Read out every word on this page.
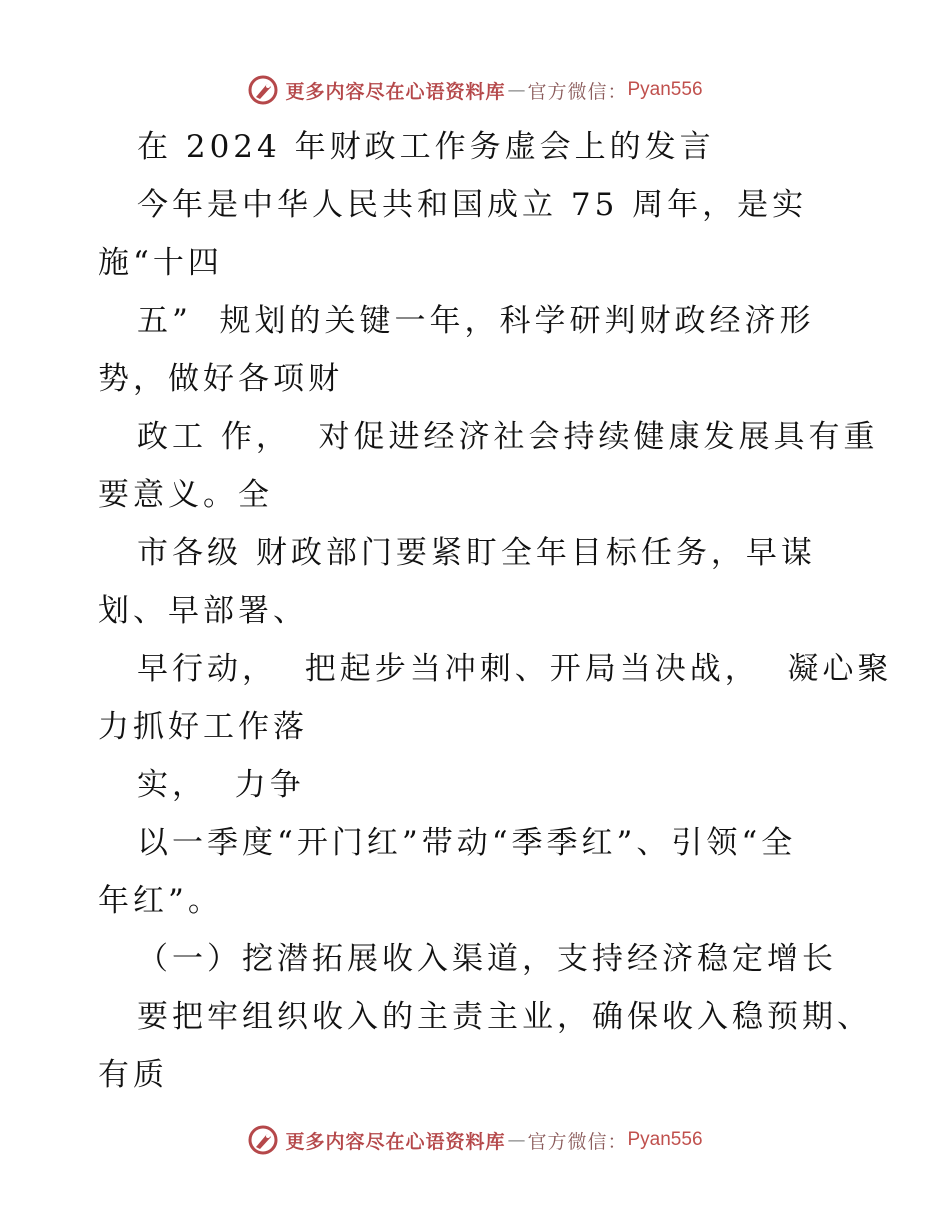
更多内容尽在心语资料库 — 官方微信： Pyan556
在 2024 年财政工作务虚会上的发言
今年是中华人民共和国成立 75 周年，是实
施“十四
五”  规划的关键一年，科学研判财政经济形
势，做好各项财
政工 作，  对促进经济社会持续健康发展具有重
要意义。全
市各级 财政部门要紧盯全年目标任务，早谋
划、早部署、
早行动，  把起步当冲刺、开局当决战，  凝心聚
力抓好工作落
实，  力争
以一季度“开门红”带动“季季红”、引领“全
年红”。
（一）挖潜拓展收入渠道，支持经济稳定增长
要把牢组织收入的主责主业，确保收入稳预期、
有质
更多内容尽在心语资料库 — 官方微信： Pyan556
